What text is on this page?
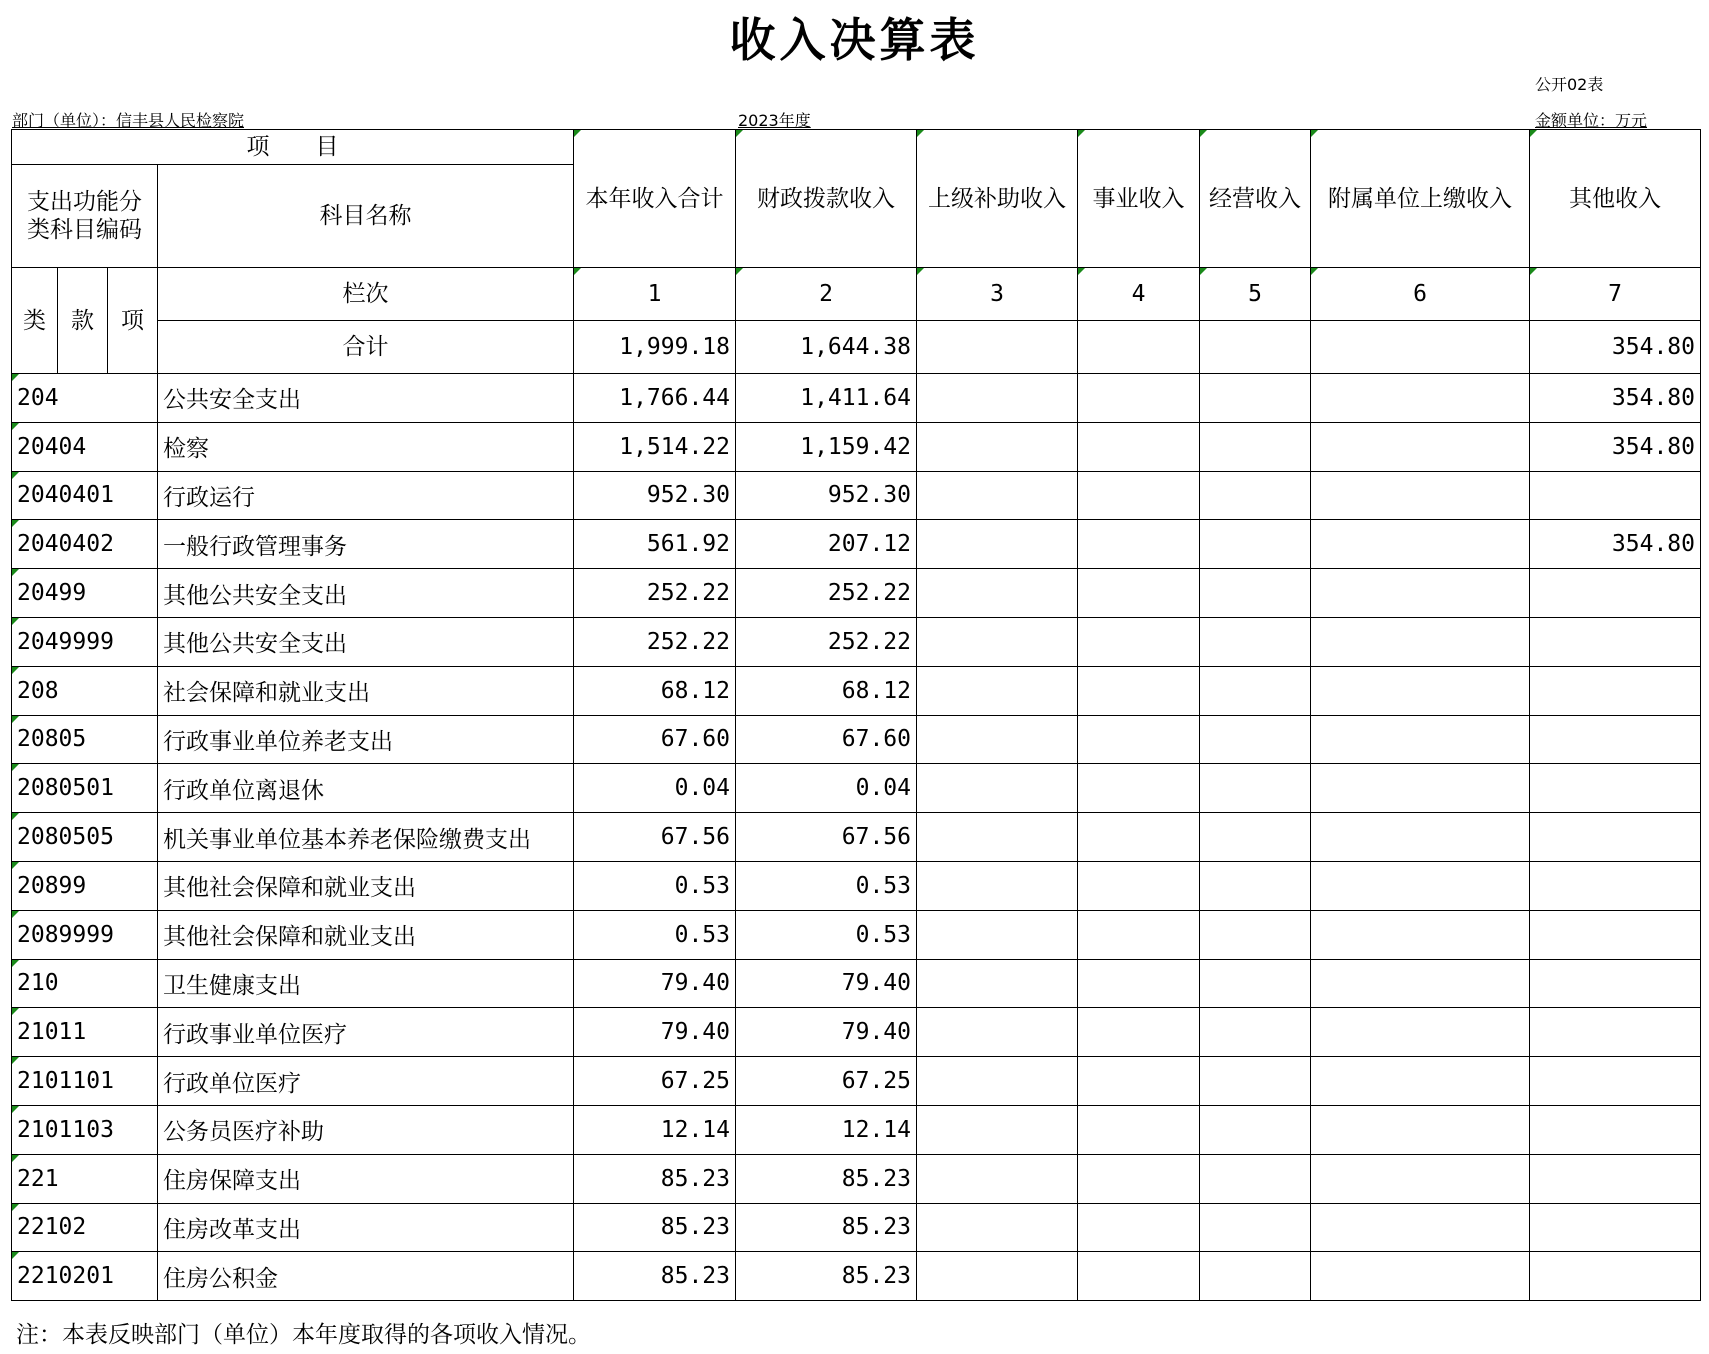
收入决算表
公开02表
部门（单位）：信丰县人民检察院	2023年度	金额单位：万元
项　　目				本年收入合计	财政拨款收入	上级补助收入	事业收入	经营收入	附属单位上缴收入	其他收入
支出功能分类科目编码			科目名称							
类	款	项	栏次	1	2	3	4	5	6	7
			合计	1,999.18	1,644.38					354.80
204			公共安全支出	1,766.44	1,411.64					354.80
20404			检察	1,514.22	1,159.42					354.80
2040401			行政运行	952.30	952.30					
2040402			一般行政管理事务	561.92	207.12					354.80
20499			其他公共安全支出	252.22	252.22					
2049999			其他公共安全支出	252.22	252.22					
208			社会保障和就业支出	68.12	68.12					
20805			行政事业单位养老支出	67.60	67.60					
2080501			行政单位离退休	0.04	0.04					
2080505			机关事业单位基本养老保险缴费支出	67.56	67.56					
20899			其他社会保障和就业支出	0.53	0.53					
2089999			其他社会保障和就业支出	0.53	0.53					
210			卫生健康支出	79.40	79.40					
21011			行政事业单位医疗	79.40	79.40					
2101101			行政单位医疗	67.25	67.25					
2101103			公务员医疗补助	12.14	12.14					
221			住房保障支出	85.23	85.23					
22102			住房改革支出	85.23	85.23					
2210201			住房公积金	85.23	85.23					
注：本表反映部门（单位）本年度取得的各项收入情况。
